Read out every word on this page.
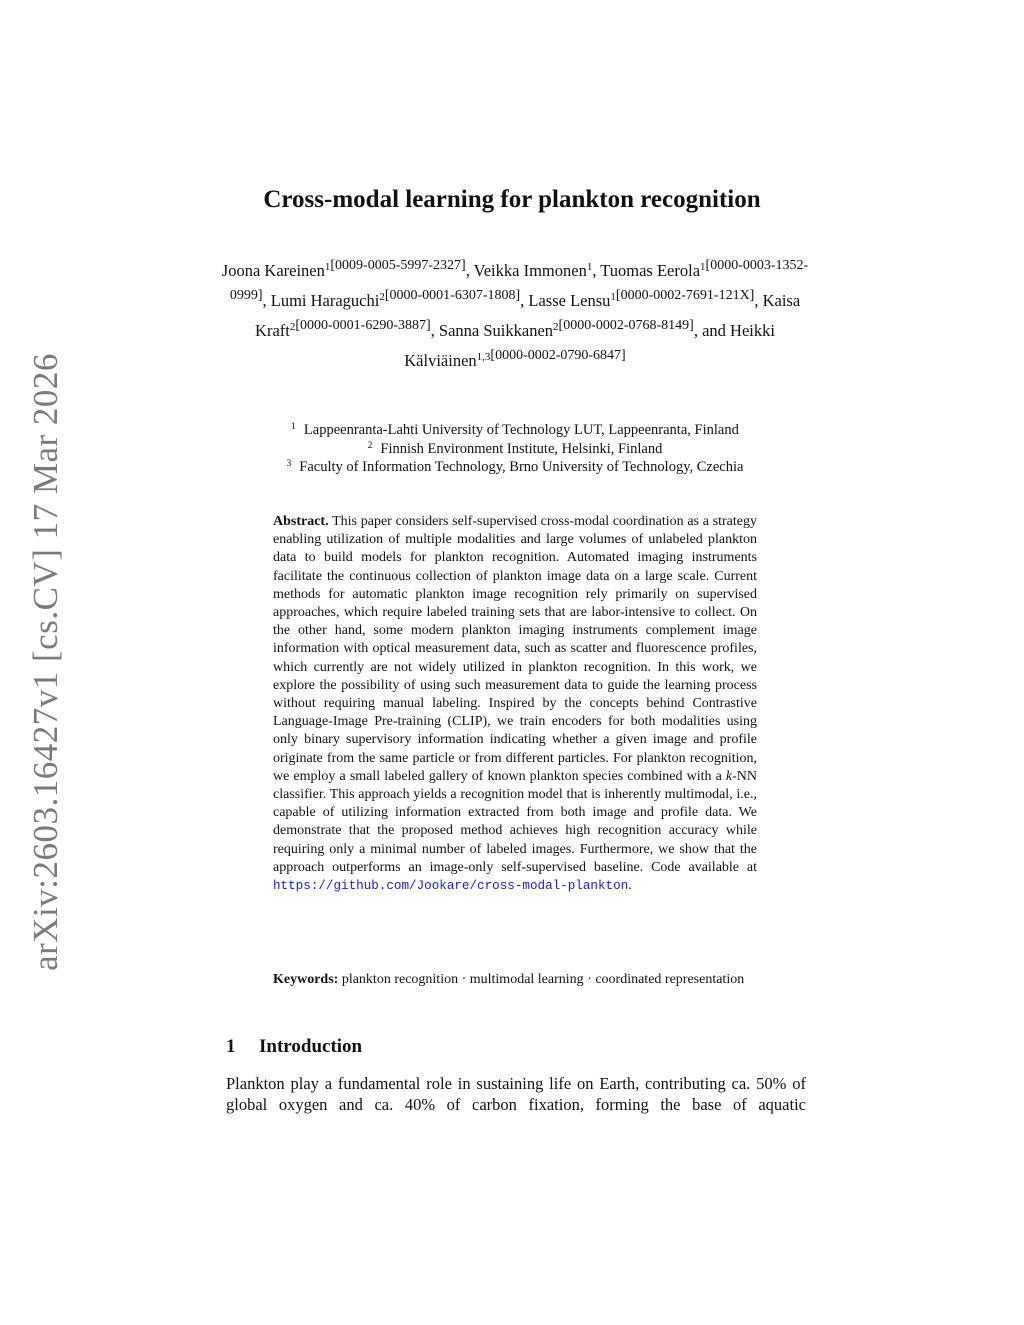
arXiv:2603.16427v1 [cs.CV] 17 Mar 2026
Cross-modal learning for plankton recognition
Joona Kareinen$^{1[0009-0005-5997-2327]}$, Veikka Immonen$^1$, Tuomas Eerola$^{1[0000-0003-1352-0999]}$, Lumi Haraguchi$^{2[0000-0001-6307-1808]}$, Lasse Lensu$^{1[0000-0002-7691-121X]}$, Kaisa Kraft$^{2[0000-0001-6290-3887]}$, Sanna Suikkanen$^{2[0000-0002-0768-8149]}$, and Heikki Kälviäinen$^{1,3[0000-0002-0790-6847]}$
$^1$ Lappeenranta-Lahti University of Technology LUT, Lappeenranta, Finland
$^2$ Finnish Environment Institute, Helsinki, Finland
$^3$ Faculty of Information Technology, Brno University of Technology, Czechia
Abstract. This paper considers self-supervised cross-modal coordination as a strategy enabling utilization of multiple modalities and large volumes of unlabeled plankton data to build models for plankton recognition. Automated imaging instruments facilitate the continuous collection of plankton image data on a large scale. Current methods for automatic plankton image recognition rely primarily on supervised approaches, which require labeled training sets that are labor-intensive to collect. On the other hand, some modern plankton imaging instruments complement image information with optical measurement data, such as scatter and fluorescence profiles, which currently are not widely utilized in plankton recognition. In this work, we explore the possibility of using such measurement data to guide the learning process without requiring manual labeling. Inspired by the concepts behind Contrastive Language-Image Pre-training (CLIP), we train encoders for both modalities using only binary supervisory information indicating whether a given image and profile originate from the same particle or from different particles. For plankton recognition, we employ a small labeled gallery of known plankton species combined with a k-NN classifier. This approach yields a recognition model that is inherently multimodal, i.e., capable of utilizing information extracted from both image and profile data. We demonstrate that the proposed method achieves high recognition accuracy while requiring only a minimal number of labeled images. Furthermore, we show that the approach outperforms an image-only self-supervised baseline. Code available at https://github.com/Jookare/cross-modal-plankton.
Keywords: plankton recognition · multimodal learning · coordinated representation
1 Introduction
Plankton play a fundamental role in sustaining life on Earth, contributing ca. 50% of global oxygen and ca. 40% of carbon fixation, forming the base of aquatic
